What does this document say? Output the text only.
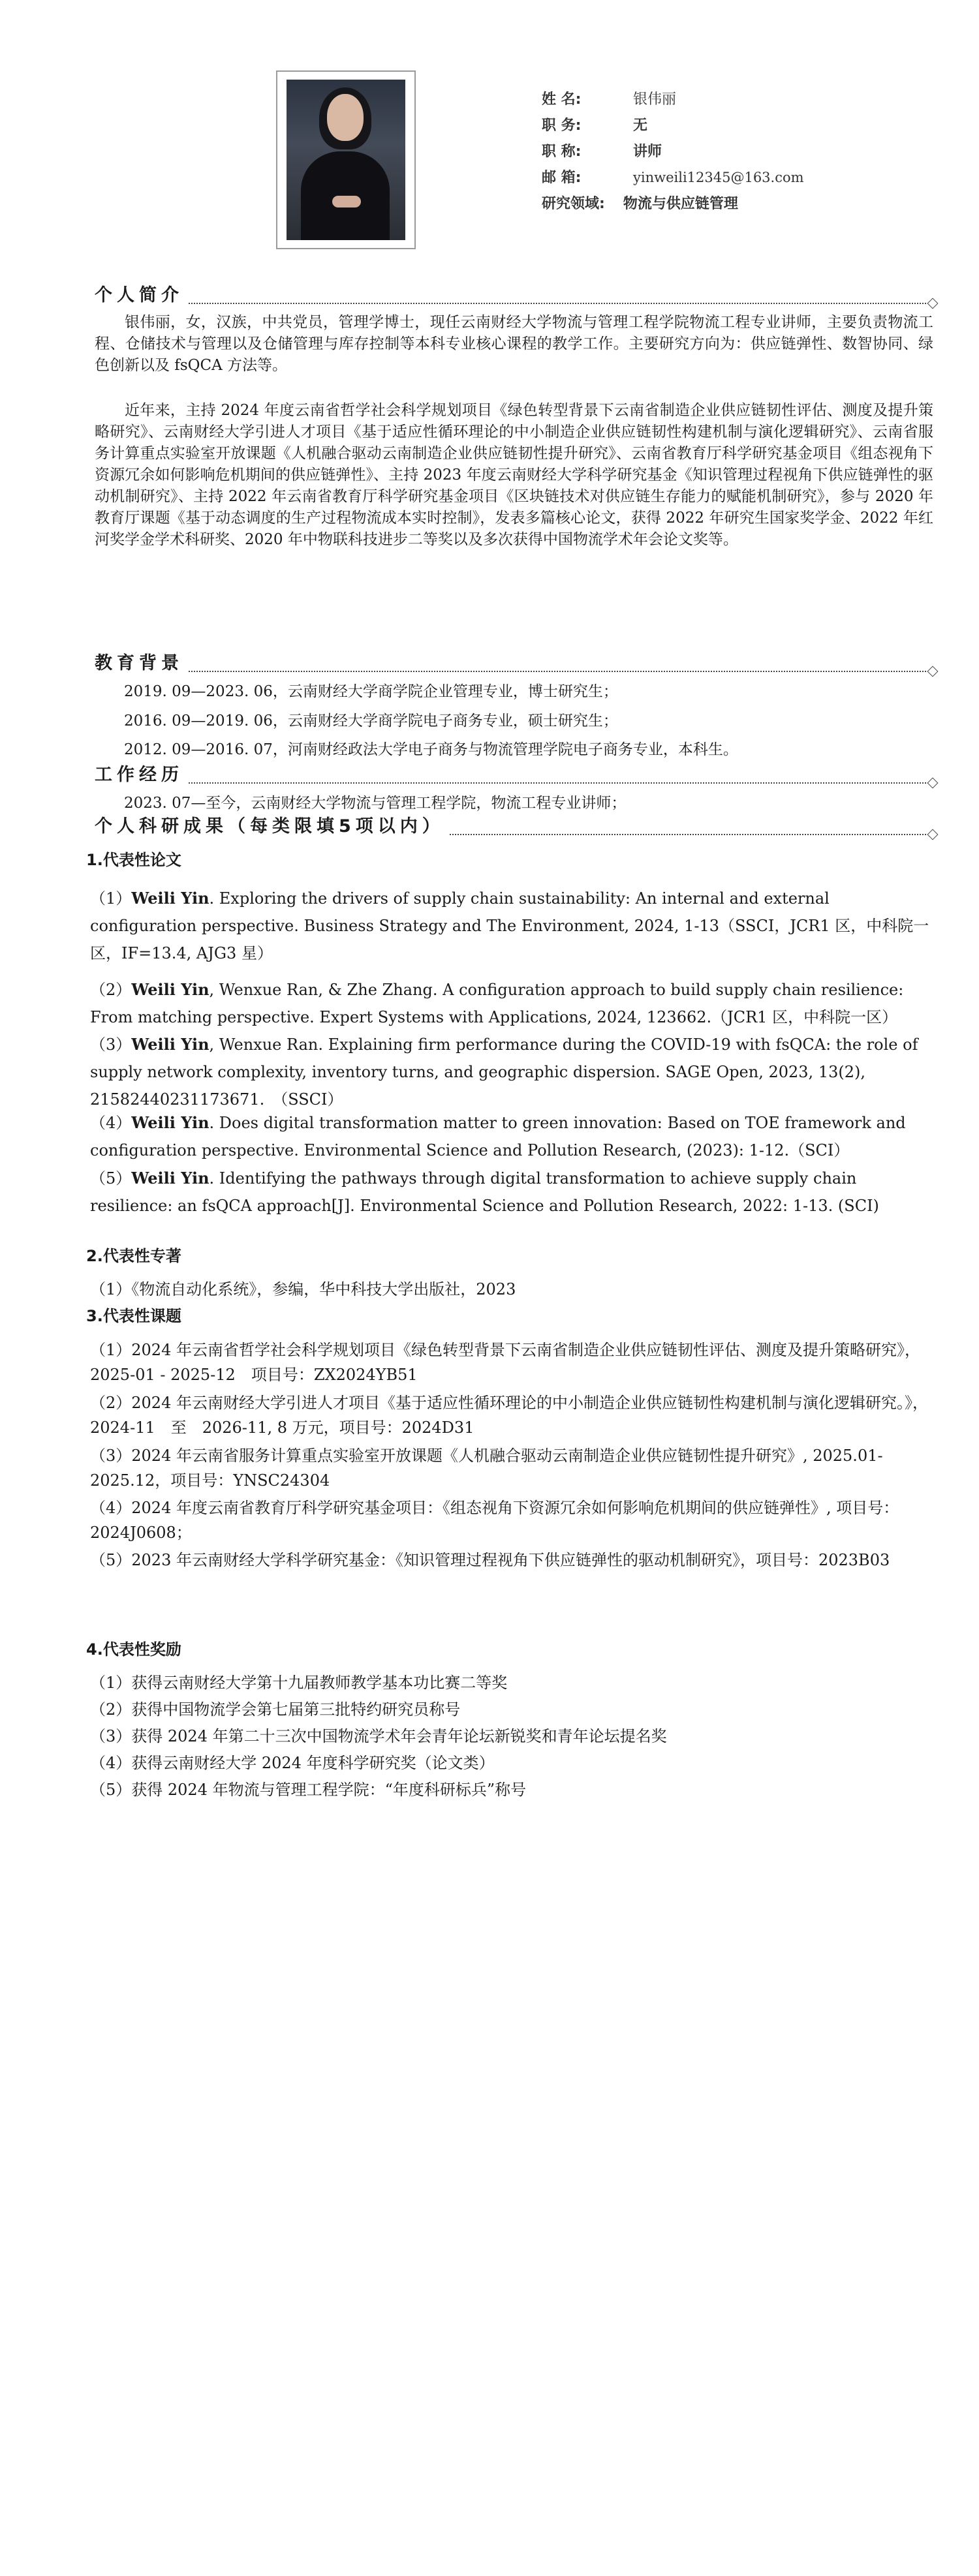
姓 名:	银伟丽
职 务:	无
职 称:	讲师
邮 箱:	yinweili12345@163.com
研究领域: 物流与供应链管理
个人简介

银伟丽，女，汉族，中共党员，管理学博士，现任云南财经大学物流与管理工程学院物流工程专业讲师，主要负责物流工程、仓储技术与管理以及仓储管理与库存控制等本科专业核心课程的教学工作。主要研究方向为：供应链弹性、数智协同、绿色创新以及 fsQCA 方法等。

近年来，主持 2024 年度云南省哲学社会科学规划项目《绿色转型背景下云南省制造企业供应链韧性评估、测度及提升策略研究》、云南财经大学引进人才项目《基于适应性循环理论的中小制造企业供应链韧性构建机制与演化逻辑研究》、云南省服务计算重点实验室开放课题《人机融合驱动云南制造企业供应链韧性提升研究》、云南省教育厅科学研究基金项目《组态视角下资源冗余如何影响危机期间的供应链弹性》、主持 2023 年度云南财经大学科学研究基金《知识管理过程视角下供应链弹性的驱动机制研究》、主持 2022 年云南省教育厅科学研究基金项目《区块链技术对供应链生存能力的赋能机制研究》，参与 2020 年教育厅课题《基于动态调度的生产过程物流成本实时控制》，发表多篇核心论文，获得 2022 年研究生国家奖学金、2022 年红河奖学金学术科研奖、2020 年中物联科技进步二等奖以及多次获得中国物流学术年会论文奖等。

教育背景

2019. 09—2023. 06，云南财经大学商学院企业管理专业，博士研究生；

2016. 09—2019. 06，云南财经大学商学院电子商务专业，硕士研究生；

2012. 09—2016. 07，河南财经政法大学电子商务与物流管理学院电子商务专业，本科生。

工作经历

2023. 07—至今，云南财经大学物流与管理工程学院，物流工程专业讲师；

个人科研成果（每类限填5项以内）

1.代表性论文

（1）Weili Yin. Exploring the drivers of supply chain sustainability: An internal and external configuration perspective. Business Strategy and The Environment, 2024, 1-13（SSCI，JCR1 区，中科院一区，IF=13.4, AJG3 星）

（2）Weili Yin, Wenxue Ran, & Zhe Zhang. A configuration approach to build supply chain resilience: From matching perspective. Expert Systems with Applications, 2024, 123662.（JCR1 区，中科院一区）

（3）Weili Yin, Wenxue Ran. Explaining firm performance during the COVID-19 with fsQCA: the role of supply network complexity, inventory turns, and geographic dispersion. SAGE Open, 2023, 13(2), 21582440231173671.　（SSCI）

（4）Weili Yin. Does digital transformation matter to green innovation: Based on TOE framework and configuration perspective. Environmental Science and Pollution Research, (2023): 1-12.（SCI）

（5）Weili Yin. Identifying the pathways through digital transformation to achieve supply chain resilience: an fsQCA approach[J]. Environmental Science and Pollution Research, 2022: 1-13. (SCI)

2.代表性专著

（1）《物流自动化系统》，参编，华中科技大学出版社，2023

3.代表性课题

（1）2024 年云南省哲学社会科学规划项目《绿色转型背景下云南省制造企业供应链韧性评估、测度及提升策略研究》，　2025-01 - 2025-12　项目号：ZX2024YB51

（2）2024 年云南财经大学引进人才项目《基于适应性循环理论的中小制造企业供应链韧性构建机制与演化逻辑研究。》，　2024-11　至　2026-11, 8 万元，项目号：2024D31

（3）2024 年云南省服务计算重点实验室开放课题《人机融合驱动云南制造企业供应链韧性提升研究》, 2025.01-2025.12，项目号：YNSC24304

（4）2024 年度云南省教育厅科学研究基金项目：《组态视角下资源冗余如何影响危机期间的供应链弹性》, 项目号：2024J0608；

（5）2023 年云南财经大学科学研究基金：《知识管理过程视角下供应链弹性的驱动机制研究》，项目号：2023B03

4.代表性奖励

（1）获得云南财经大学第十九届教师教学基本功比赛二等奖

（2）获得中国物流学会第七届第三批特约研究员称号

（3）获得 2024 年第二十三次中国物流学术年会青年论坛新锐奖和青年论坛提名奖

（4）获得云南财经大学 2024 年度科学研究奖（论文类）

（5）获得 2024 年物流与管理工程学院：“年度科研标兵”称号
